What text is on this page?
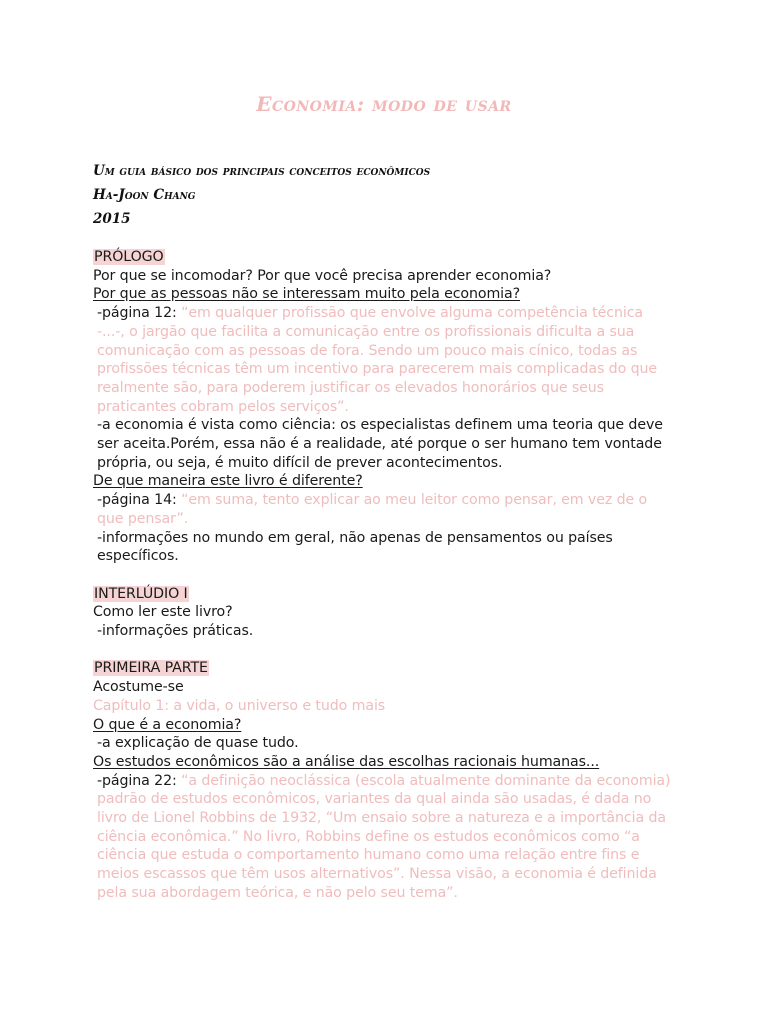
Economia: modo de usar
Um guia básico dos principais conceitos econômicos
Ha-Joon Chang
2015

PRÓLOGO

Por que se incomodar? Por que você precisa aprender economia?

Por que as pessoas não se interessam muito pela economia?

-página 12: “em qualquer profissão que envolve alguma competência técnica -...-, o jargão que facilita a comunicação entre os profissionais dificulta a sua comunicação com as pessoas de fora. Sendo um pouco mais cínico, todas as profissões técnicas têm um incentivo para parecerem mais complicadas do que realmente são, para poderem justificar os elevados honorários que seus praticantes cobram pelos serviços”.

-a economia é vista como ciência: os especialistas definem uma teoria que deve ser aceita.Porém, essa não é a realidade, até porque o ser humano tem vontade própria, ou seja, é muito difícil de prever acontecimentos.

De que maneira este livro é diferente?

-página 14: “em suma, tento explicar ao meu leitor como pensar, em vez de o que pensar”.

-informações no mundo em geral, não apenas de pensamentos ou países específicos.

INTERLÚDIO I

Como ler este livro?

-informações práticas.

PRIMEIRA PARTE

Acostume-se

Capítulo 1: a vida, o universo e tudo mais

O que é a economia?

-a explicação de quase tudo.

Os estudos econômicos são a análise das escolhas racionais humanas...

-página 22: “a definição neoclássica (escola atualmente dominante da economia) padrão de estudos econômicos, variantes da qual ainda são usadas, é dada no livro de Lionel Robbins de 1932, “Um ensaio sobre a natureza e a importância da ciência econômica.” No livro, Robbins define os estudos econômicos como “a ciência que estuda o comportamento humano como uma relação entre fins e meios escassos que têm usos alternativos”. Nessa visão, a economia é definida pela sua abordagem teórica, e não pelo seu tema”.
